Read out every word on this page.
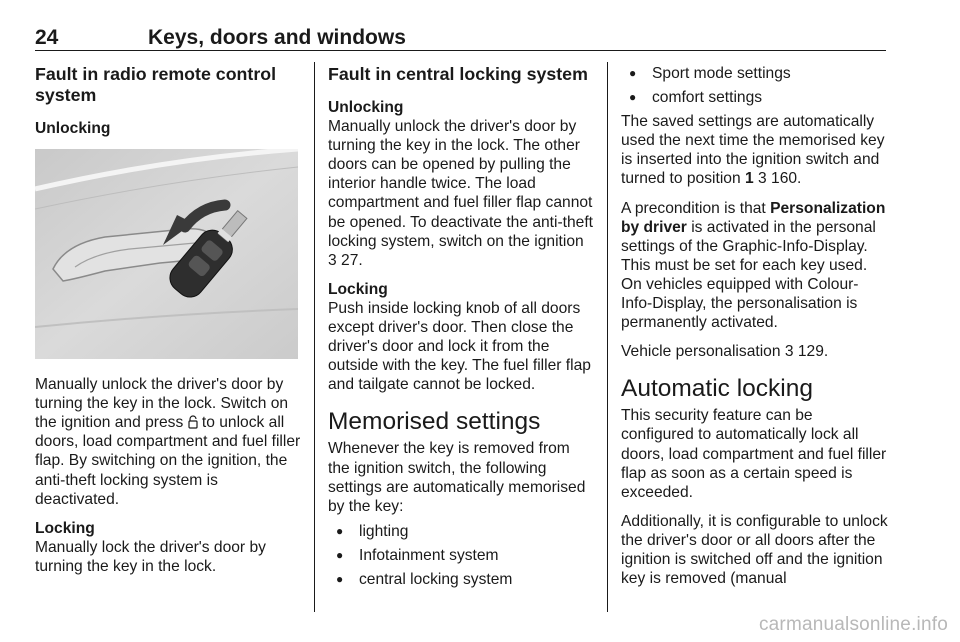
24	Keys, doors and windows
Fault in radio remote control system
Unlocking

Manually unlock the driver's door by turning the key in the lock. Switch on the ignition and press  to unlock all doors, load compartment and fuel filler flap. By switching on the ignition, the anti-theft locking system is deactivated.

Locking

Manually lock the driver's door by turning the key in the lock.

Fault in central locking system
Unlocking

Manually unlock the driver's door by turning the key in the lock. The other doors can be opened by pulling the interior handle twice. The load compartment and fuel filler flap cannot be opened. To deactivate the anti-theft locking system, switch on the ignition 3 27.

Locking

Push inside locking knob of all doors except driver's door. Then close the driver's door and lock it from the outside with the key. The fuel filler flap and tailgate cannot be locked.

Memorised settings

Whenever the key is removed from the ignition switch, the following settings are automatically memorised by the key:

● lighting
● Infotainment system
● central locking system
● Sport mode settings
● comfort settings

The saved settings are automatically used the next time the memorised key is inserted into the ignition switch and turned to position 1 3 160.

A precondition is that Personalization by driver is activated in the personal settings of the Graphic-Info-Display. This must be set for each key used. On vehicles equipped with Colour-Info-Display, the personalisation is permanently activated.

Vehicle personalisation 3 129.

Automatic locking

This security feature can be configured to automatically lock all doors, load compartment and fuel filler flap as soon as a certain speed is exceeded.

Additionally, it is configurable to unlock the driver's door or all doors after the ignition is switched off and the ignition key is removed (manual

carmanualsonline.info
